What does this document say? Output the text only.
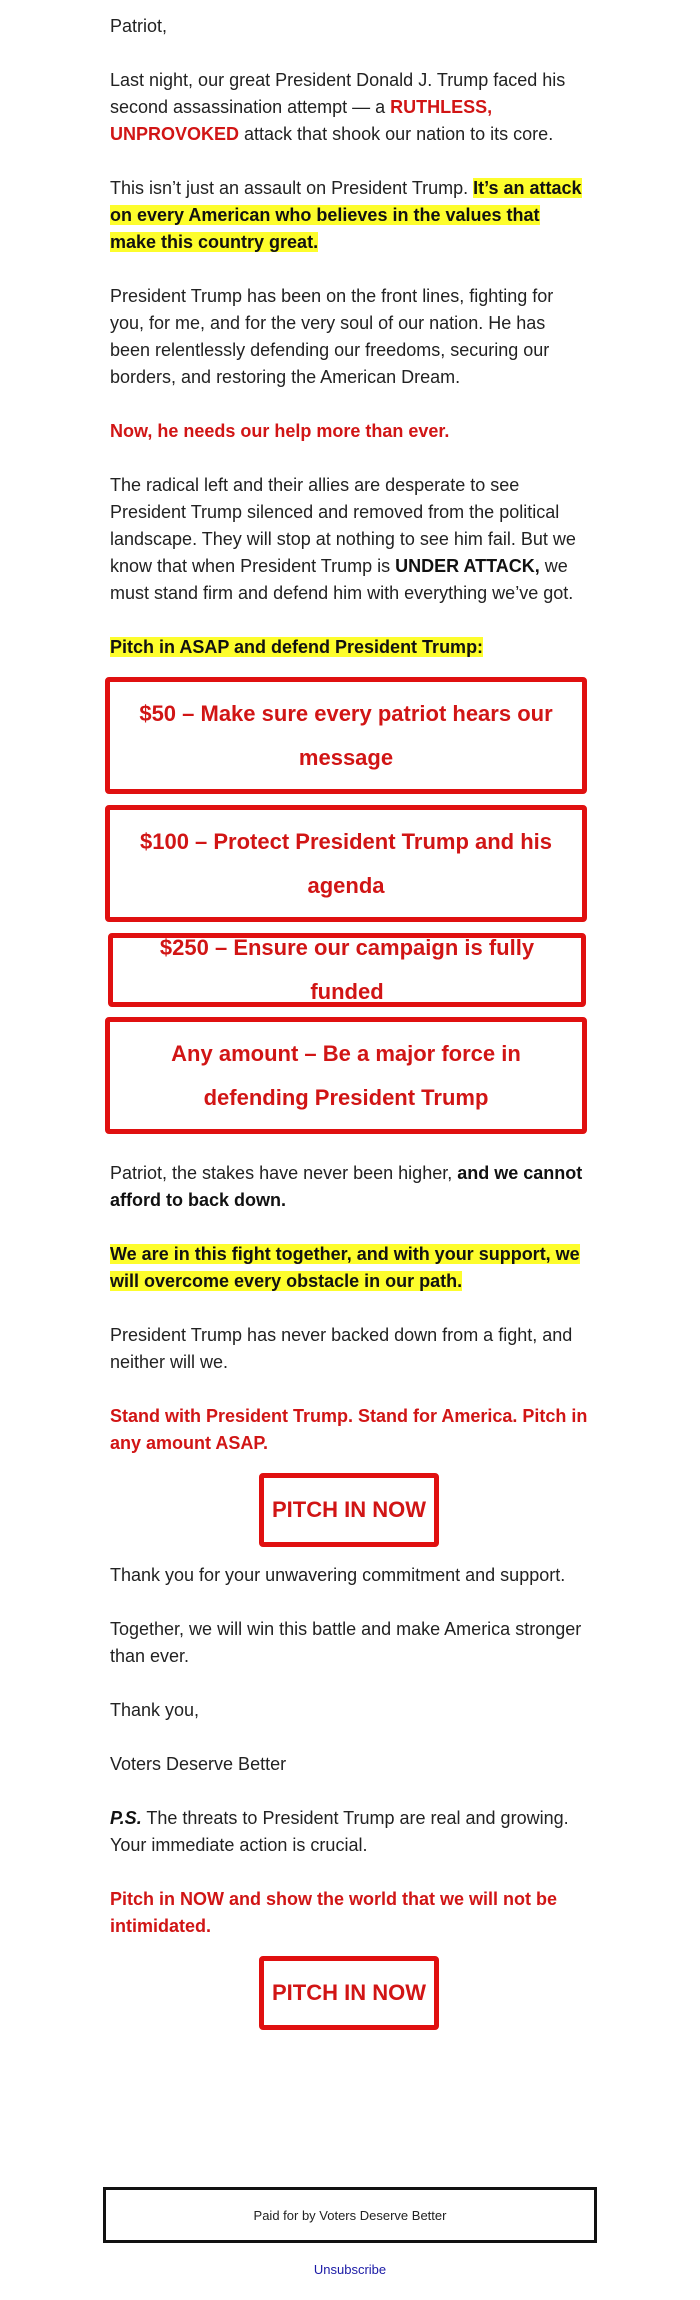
Patriot,

Last night, our great President Donald J. Trump faced his second assassination attempt — a RUTHLESS, UNPROVOKED attack that shook our nation to its core.

This isn’t just an assault on President Trump. It’s an attack on every American who believes in the values that make this country great.

President Trump has been on the front lines, fighting for you, for me, and for the very soul of our nation. He has been relentlessly defending our freedoms, securing our borders, and restoring the American Dream.

Now, he needs our help more than ever.

The radical left and their allies are desperate to see President Trump silenced and removed from the political landscape. They will stop at nothing to see him fail. But we know that when President Trump is UNDER ATTACK, we must stand firm and defend him with everything we’ve got.

Pitch in ASAP and defend President Trump:

$50 – Make sure every patriot hears our message
$100 – Protect President Trump and his agenda
$250 – Ensure our campaign is fully funded
Any amount – Be a major force in defending President Trump

Patriot, the stakes have never been higher, and we cannot afford to back down.

We are in this fight together, and with your support, we will overcome every obstacle in our path.

President Trump has never backed down from a fight, and neither will we.

Stand with President Trump. Stand for America. Pitch in any amount ASAP.

PITCH IN NOW

Thank you for your unwavering commitment and support.

Together, we will win this battle and make America stronger than ever.

Thank you,

Voters Deserve Better

P.S. The threats to President Trump are real and growing. Your immediate action is crucial.

Pitch in NOW and show the world that we will not be intimidated.

PITCH IN NOW
Paid for by Voters Deserve Better
Unsubscribe
